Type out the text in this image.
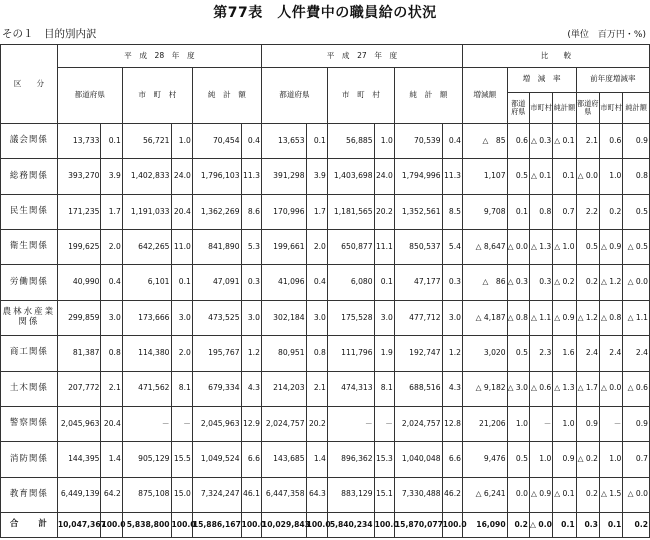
第77表　人件費中の職員給の状況
その１　目的別内訳	(単位　百万円・%)
区　　分	平　成　28　年　度						平　成　27　年　度						比　　較						
	都道府県		市　町　村		純　計　額		都道府県		市　町　村		純　計　額		増減額	増　減　率			前年度増減率		
														都道府県	市町村	純計額	都道府県	市町村	純計額

議会関係	13,733	0.1	56,721	1.0	70,454	0.4	13,653	0.1	56,885	1.0	70,539	0.4	△　85	0.6	△ 0.3	△ 0.1	2.1	0.6	0.9
総務関係	393,270	3.9	1,402,833	24.0	1,796,103	11.3	391,298	3.9	1,403,698	24.0	1,794,996	11.3	1,107	0.5	△ 0.1	0.1	△ 0.0	1.0	0.8
民生関係	171,235	1.7	1,191,033	20.4	1,362,269	8.6	170,996	1.7	1,181,565	20.2	1,352,561	8.5	9,708	0.1	0.8	0.7	2.2	0.2	0.5
衛生関係	199,625	2.0	642,265	11.0	841,890	5.3	199,661	2.0	650,877	11.1	850,537	5.4	△ 8,647	△ 0.0	△ 1.3	△ 1.0	0.5	△ 0.9	△ 0.5
労働関係	40,990	0.4	6,101	0.1	47,091	0.3	41,096	0.4	6,080	0.1	47,177	0.3	△　86	△ 0.3	0.3	△ 0.2	0.2	△ 1.2	△ 0.0
農林水産業関係	299,859	3.0	173,666	3.0	473,525	3.0	302,184	3.0	175,528	3.0	477,712	3.0	△ 4,187	△ 0.8	△ 1.1	△ 0.9	△ 1.2	△ 0.8	△ 1.1
商工関係	81,387	0.8	114,380	2.0	195,767	1.2	80,951	0.8	111,796	1.9	192,747	1.2	3,020	0.5	2.3	1.6	2.4	2.4	2.4
土木関係	207,772	2.1	471,562	8.1	679,334	4.3	214,203	2.1	474,313	8.1	688,516	4.3	△ 9,182	△ 3.0	△ 0.6	△ 1.3	△ 1.7	△ 0.0	△ 0.6
警察関係	2,045,963	20.4	－	－	2,045,963	12.9	2,024,757	20.2	－	－	2,024,757	12.8	21,206	1.0	－	1.0	0.9	－	0.9
消防関係	144,395	1.4	905,129	15.5	1,049,524	6.6	143,685	1.4	896,362	15.3	1,040,048	6.6	9,476	0.5	1.0	0.9	△ 0.2	1.0	0.7
教育関係	6,449,139	64.2	875,108	15.0	7,324,247	46.1	6,447,358	64.3	883,129	15.1	7,330,488	46.2	△ 6,241	0.0	△ 0.9	△ 0.1	0.2	△ 1.5	△ 0.0
合　　計	10,047,367	100.0	5,838,800	100.0	15,886,167	100.0	10,029,843	100.0	5,840,234	100.0	15,870,077	100.0	16,090	0.2	△ 0.0	0.1	0.3	0.1	0.2
